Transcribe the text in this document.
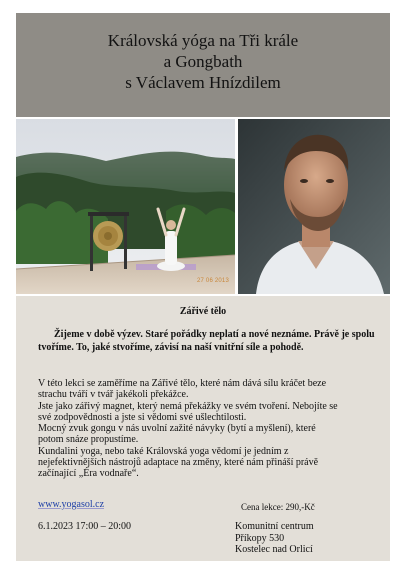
Královská yóga na Tři krále
a Gongbath
s Václavem Hnízdilem
27 06 2013
Zářivé tělo
Žijeme v době výzev. Staré pořádky neplatí a nové neznáme. Právě je spolu tvoříme. To, jaké stvoříme, závisí na naší vnitřní síle a pohodě.
V této lekci se zaměříme na Zářivé tělo, které nám dává sílu kráčet beze
strachu tváří v tvář jakékoli překážce.
Jste jako zářivý magnet, který nemá překážky ve svém tvoření. Nebojíte se
své zodpovědnosti a jste si vědomi své ušlechtilosti.
Mocný zvuk gongu v nás uvolní zažité návyky (bytí a myšlení), které
potom snáze propustíme.
Kundalini yoga, nebo také Královská yoga vědomí je jedním z
nejefektivnějších nástrojů adaptace na změny, které nám přináší právě
začínající „Éra vodnaře“.
www.yogasol.cz	Cena lekce: 290,-Kč
6.1.2023 17:00 – 20:00	Komunitní centrum
Příkopy 530
Kostelec nad Orlicí
